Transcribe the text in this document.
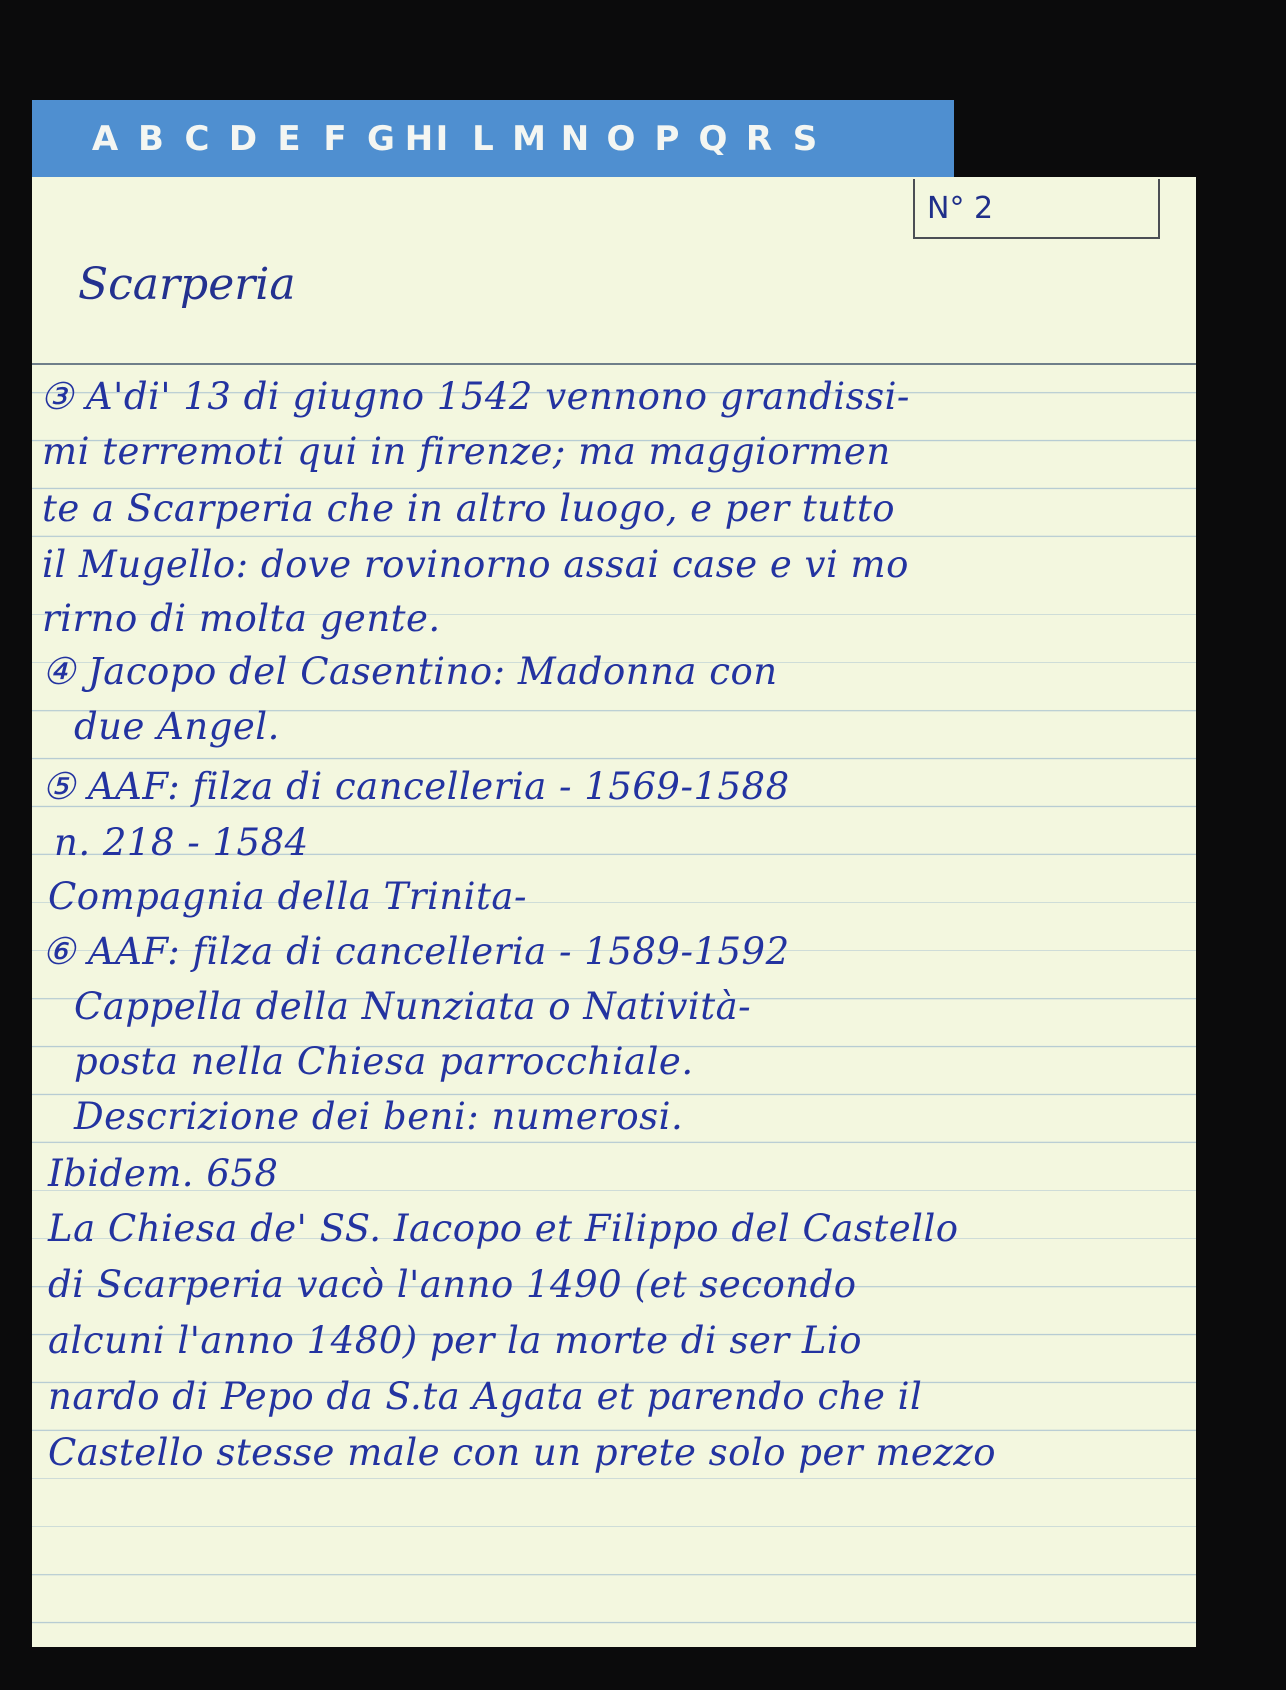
A B C D E F G H I L M N O P Q R S
N° 2
Scarperia
③ A'di' 13 di giugno 1542 vennono grandissi-
mi terremoti qui in firenze; ma maggiormen
te a Scarperia che in altro luogo, e per tutto
il Mugello: dove rovinorno assai case e vi mo
rirno di molta gente.
④ Jacopo del Casentino: Madonna con
due Angel.
⑤ AAF: filza di cancelleria - 1569-1588
n. 218 - 1584
Compagnia della Trinita-
⑥ AAF: filza di cancelleria - 1589-1592
Cappella della Nunziata o Natività-
posta nella Chiesa parrocchiale.
Descrizione dei beni: numerosi.
Ibidem. 658
La Chiesa de' SS. Iacopo et Filippo del Castello
di Scarperia vacò l'anno 1490 (et secondo
alcuni l'anno 1480) per la morte di ser Lio
nardo di Pepo da S.ta Agata et parendo che il
Castello stesse male con un prete solo per mezzo
